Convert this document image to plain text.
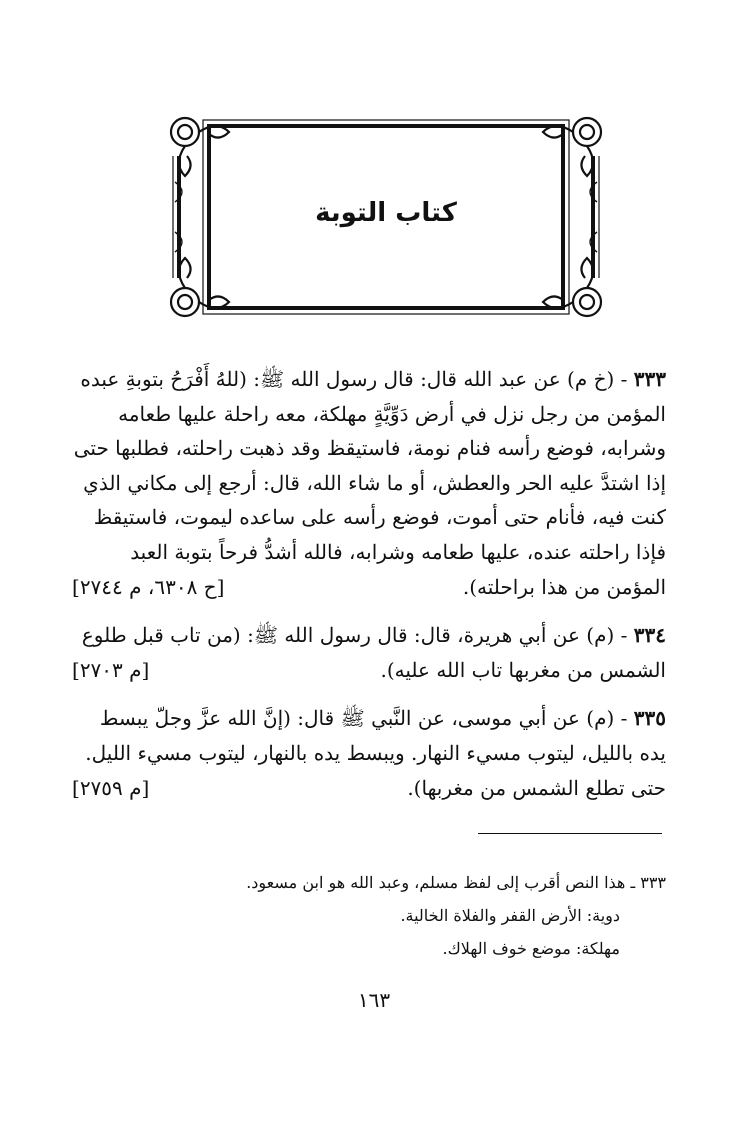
كتاب التوبة

٣٣٣ - (خ م) عن عبد الله قال: قال رسول الله ﷺ: (للهُ أَفْرَحُ بتوبةِ عبده المؤمن من رجل نزل في أرض دَوِّيَّةٍ مهلكة، معه راحلة عليها طعامه وشرابه، فوضع رأسه فنام نومة، فاستيقظ وقد ذهبت راحلته، فطلبها حتى إذا اشتدَّ عليه الحر والعطش، أو ما شاء الله، قال: أرجع إلى مكاني الذي كنت فيه، فأنام حتى أموت، فوضع رأسه على ساعده ليموت، فاستيقظ فإذا راحلته عنده، عليها طعامه وشرابه، فالله أشدُّ فرحاً بتوبة العبد المؤمن من هذا براحلته).
[ح ٦٣٠٨، م ٢٧٤٤]

٣٣٤ - (م) عن أبي هريرة، قال: قال رسول الله ﷺ: (من تاب قبل طلوع الشمس من مغربها تاب الله عليه).
[م ٢٧٠٣]

٣٣٥ - (م) عن أبي موسى، عن النَّبي ﷺ قال: (إنَّ الله عزَّ وجلّ يبسط يده بالليل، ليتوب مسيء النهار. ويبسط يده بالنهار، ليتوب مسيء الليل. حتى تطلع الشمس من مغربها).
[م ٢٧٥٩]

٣٣٣ ـ هذا النص أقرب إلى لفظ مسلم، وعبد الله هو ابن مسعود.
دوية: الأرض القفر والفلاة الخالية.
مهلكة: موضع خوف الهلاك.
١٦٣
